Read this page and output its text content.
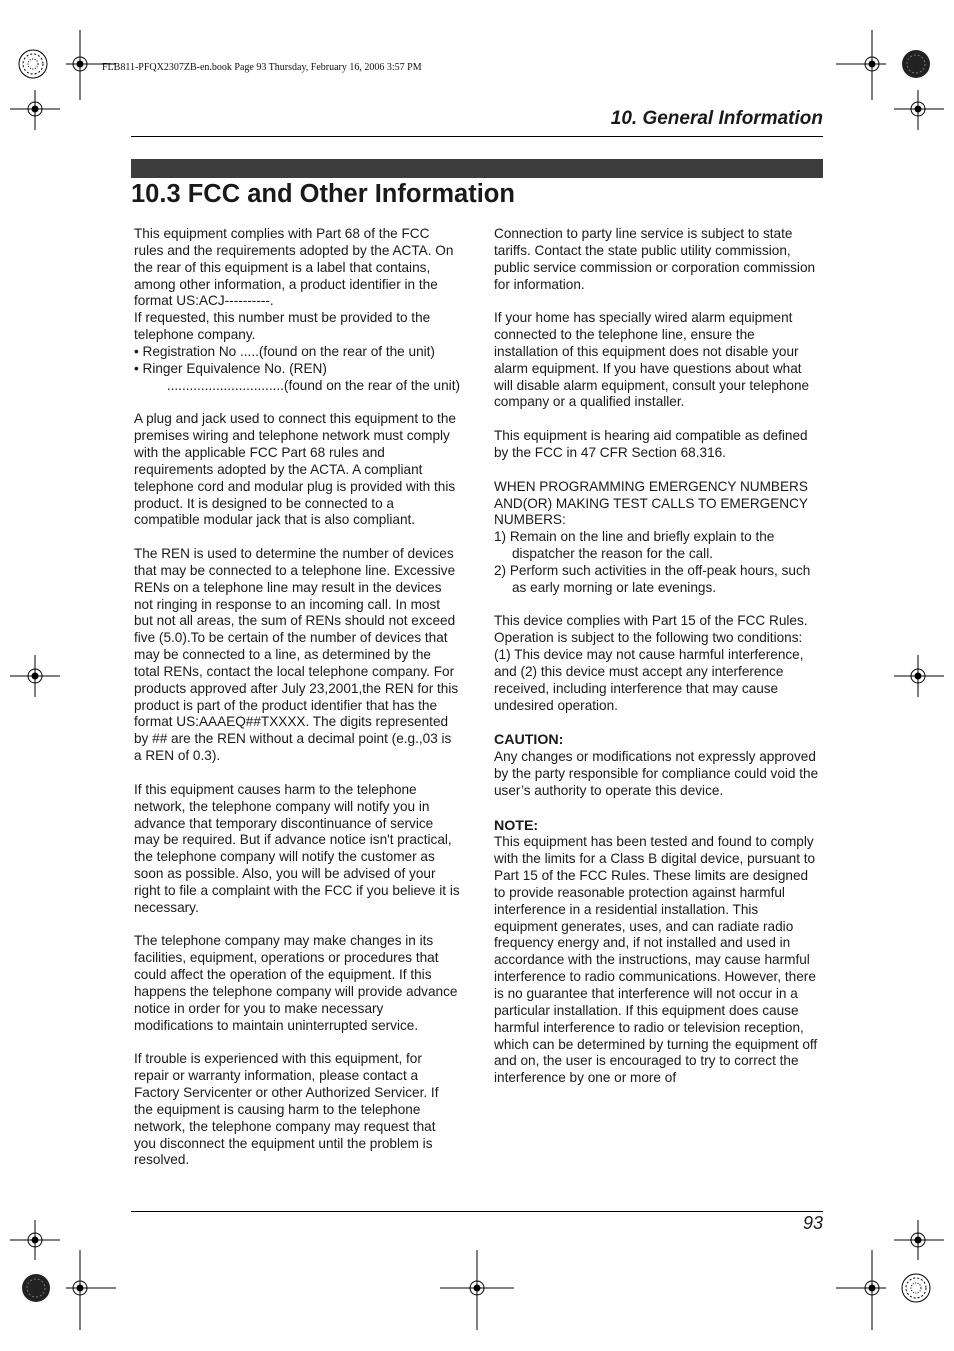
FLB811-PFQX2307ZB-en.book Page 93 Thursday, February 16, 2006 3:57 PM
10. General Information
10.3 FCC and Other Information

This equipment complies with Part 68 of the FCC rules and the requirements adopted by the ACTA. On the rear of this equipment is a label that contains, among other information, a product identifier in the format US:ACJ----------.

If requested, this number must be provided to the telephone company.

• Registration No .....(found on the rear of the unit)

• Ringer Equivalence No. (REN)

...............................(found on the rear of the unit)

A plug and jack used to connect this equipment to the premises wiring and telephone network must comply with the applicable FCC Part 68 rules and requirements adopted by the ACTA. A compliant telephone cord and modular plug is provided with this product. It is designed to be connected to a compatible modular jack that is also compliant.

The REN is used to determine the number of devices that may be connected to a telephone line. Excessive RENs on a telephone line may result in the devices not ringing in response to an incoming call. In most but not all areas, the sum of RENs should not exceed five (5.0).To be certain of the number of devices that may be connected to a line, as determined by the total RENs, contact the local telephone company. For products approved after July 23,2001,the REN for this product is part of the product identifier that has the format US:AAAEQ##TXXXX. The digits represented by ## are the REN without a decimal point (e.g.,03 is a REN of 0.3).

If this equipment causes harm to the telephone network, the telephone company will notify you in advance that temporary discontinuance of service may be required. But if advance notice isn't practical, the telephone company will notify the customer as soon as possible. Also, you will be advised of your right to file a complaint with the FCC if you believe it is necessary.

The telephone company may make changes in its facilities, equipment, operations or procedures that could affect the operation of the equipment. If this happens the telephone company will provide advance notice in order for you to make necessary modifications to maintain uninterrupted service.

If trouble is experienced with this equipment, for repair or warranty information, please contact a Factory Servicenter or other Authorized Servicer. If the equipment is causing harm to the telephone network, the telephone company may request that you disconnect the equipment until the problem is resolved.

Connection to party line service is subject to state tariffs. Contact the state public utility commission, public service commission or corporation commission for information.

If your home has specially wired alarm equipment connected to the telephone line, ensure the installation of this equipment does not disable your alarm equipment. If you have questions about what will disable alarm equipment, consult your telephone company or a qualified installer.

This equipment is hearing aid compatible as defined by the FCC in 47 CFR Section 68.316.

WHEN PROGRAMMING EMERGENCY NUMBERS AND(OR) MAKING TEST CALLS TO EMERGENCY NUMBERS:

1) Remain on the line and briefly explain to the dispatcher the reason for the call.

2) Perform such activities in the off-peak hours, such as early morning or late evenings.

This device complies with Part 15 of the FCC Rules. Operation is subject to the following two conditions:

(1) This device may not cause harmful interference, and (2) this device must accept any interference received, including interference that may cause undesired operation.

CAUTION:

Any changes or modifications not expressly approved by the party responsible for compliance could void the user’s authority to operate this device.

NOTE:

This equipment has been tested and found to comply with the limits for a Class B digital device, pursuant to Part 15 of the FCC Rules. These limits are designed to provide reasonable protection against harmful interference in a residential installation. This equipment generates, uses, and can radiate radio frequency energy and, if not installed and used in accordance with the instructions, may cause harmful interference to radio communications. However, there is no guarantee that interference will not occur in a particular installation. If this equipment does cause harmful interference to radio or television reception, which can be determined by turning the equipment off and on, the user is encouraged to try to correct the interference by one or more of

93
